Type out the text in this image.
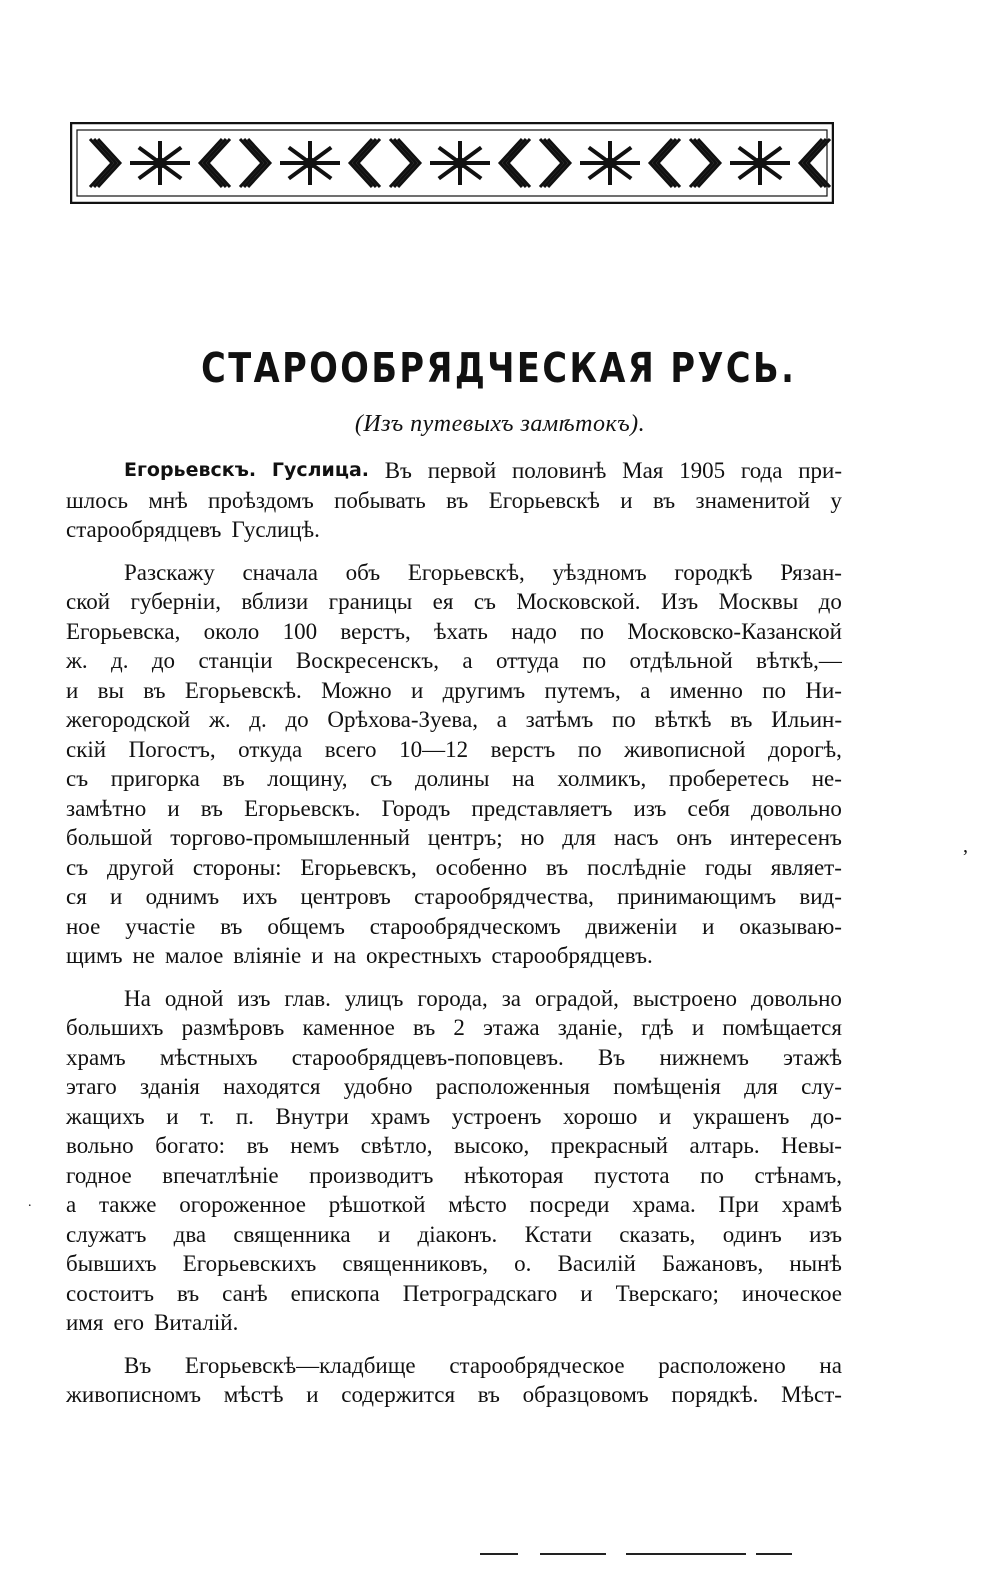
СТАРООБРЯДЧЕСКАЯ РУСЬ.
(Изъ путевыхъ замѣтокъ).
Егорьевскъ. Гуслица. Въ первой половинѣ Мая 1905 года при-
шлось мнѣ проѣздомъ побывать въ Егорьевскѣ и въ знаменитой у
старообрядцевъ Гуслицѣ.
Разскажу сначала объ Егорьевскѣ, уѣздномъ городкѣ Рязан-
ской губерніи, вблизи границы ея съ Московской. Изъ Москвы до
Егорьевска, около 100 верстъ, ѣхать надо по Московско-Казанской
ж. д. до станціи Воскресенскъ, а оттуда по отдѣльной вѣткѣ,—
и вы въ Егорьевскѣ. Можно и другимъ путемъ, а именно по Ни-
жегородской ж. д. до Орѣхова-Зуева, а затѣмъ по вѣткѣ въ Ильин-
скій Погостъ, откуда всего 10—12 верстъ по живописной дорогѣ,
съ пригорка въ лощину, съ долины на холмикъ, проберетесь не-
замѣтно и въ Егорьевскъ. Городъ представляетъ изъ себя довольно
большой торгово-промышленный центръ; но для насъ онъ интересенъ
съ другой стороны: Егорьевскъ, особенно въ послѣдніе годы являет-
ся и однимъ ихъ центровъ старообрядчества, принимающимъ вид-
ное участіе въ общемъ старообрядческомъ движеніи и оказываю-
щимъ не малое вліяніе и на окрестныхъ старообрядцевъ.
На одной изъ глав. улицъ города, за оградой, выстроено довольно
большихъ размѣровъ каменное въ 2 этажа зданіе, гдѣ и помѣщается
храмъ мѣстныхъ старообрядцевъ-поповцевъ. Въ нижнемъ этажѣ
этаго зданія находятся удобно расположенныя помѣщенія для слу-
жащихъ и т. п. Внутри храмъ устроенъ хорошо и украшенъ до-
вольно богато: въ немъ свѣтло, высоко, прекрасный алтарь. Невы-
годное впечатлѣніе производитъ нѣкоторая пустота по стѣнамъ,
а также огороженное рѣшоткой мѣсто посреди храма. При храмѣ
служатъ два священника и діаконъ. Кстати сказать, одинъ изъ
бывшихъ Егорьевскихъ священниковъ, о. Василій Бажановъ, нынѣ
состоитъ въ санѣ епископа Петроградскаго и Тверскаго; иноческое
имя его Виталій.
Въ Егорьевскѣ—кладбище старообрядческое расположено на
живописномъ мѣстѣ и содержится въ образцовомъ порядкѣ. Мѣст-
,
.
